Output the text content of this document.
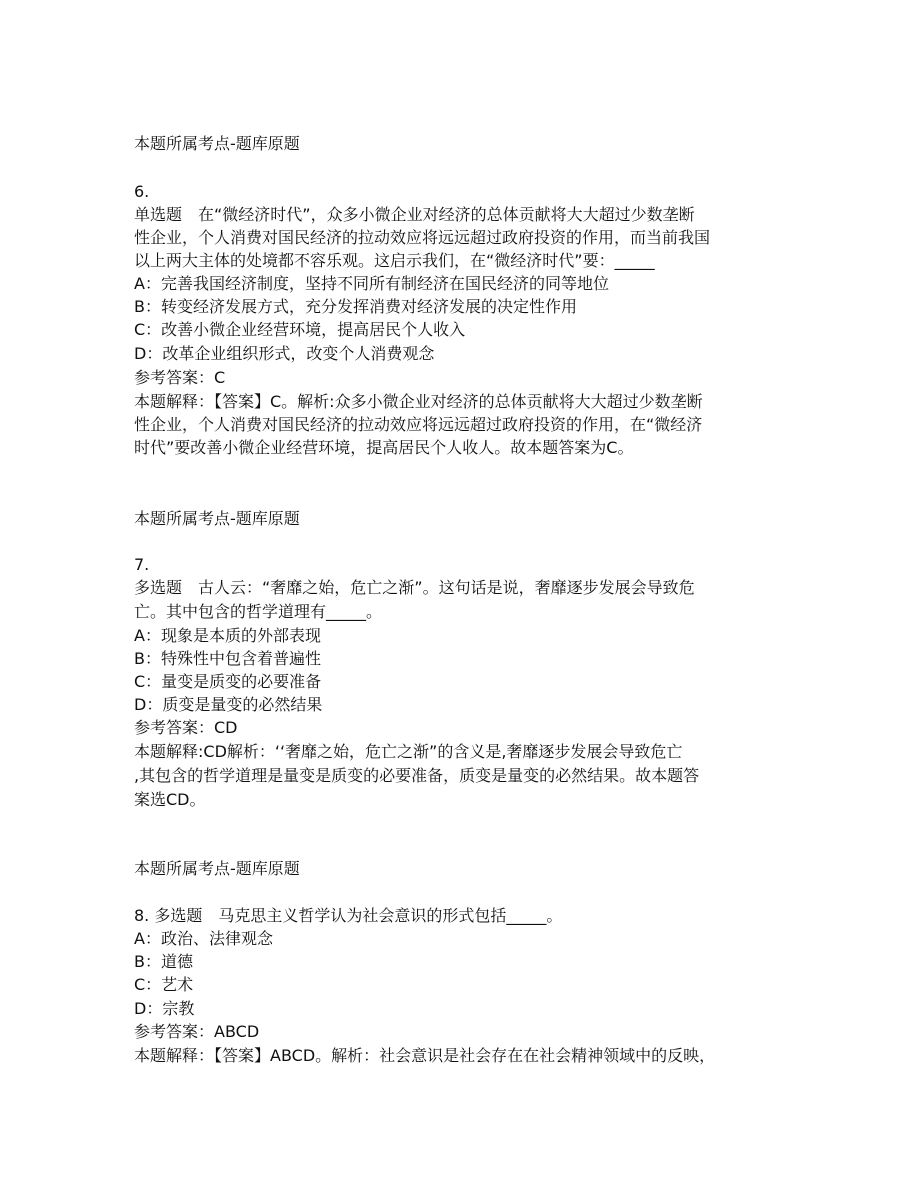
本题所属考点-题库原题
6.
单选题　在“微经济时代”，众多小微企业对经济的总体贡献将大大超过少数垄断
性企业，个人消费对国民经济的拉动效应将远远超过政府投资的作用，而当前我国
以上两大主体的处境都不容乐观。这启示我们，在“微经济时代”要：_____
A：完善我国经济制度，坚持不同所有制经济在国民经济的同等地位
B：转变经济发展方式，充分发挥消费对经济发展的决定性作用
C：改善小微企业经营环境，提高居民个人收入
D：改革企业组织形式，改变个人消费观念
参考答案：C
本题解释：【答案】C。解析:众多小微企业对经济的总体贡献将大大超过少数垄断
性企业，个人消费对国民经济的拉动效应将远远超过政府投资的作用，在“微经济
时代”要改善小微企业经营环境，提高居民个人收人。故本题答案为C。
本题所属考点-题库原题
7.
多选题　古人云：“奢靡之始，危亡之渐”。这句话是说，奢靡逐步发展会导致危
亡。其中包含的哲学道理有_____。
A：现象是本质的外部表现
B：特殊性中包含着普遍性
C：量变是质变的必要准备
D：质变是量变的必然结果
参考答案：CD
本题解释:CD解析：‘‘奢靡之始，危亡之渐”的含义是,奢靡逐步发展会导致危亡
,其包含的哲学道理是量变是质变的必要准备，质变是量变的必然结果。故本题答
案选CD。
本题所属考点-题库原题
8. 多选题　马克思主义哲学认为社会意识的形式包括_____。
A：政治、法律观念
B：道德
C：艺术
D：宗教
参考答案：ABCD
本题解释：【答案】ABCD。解析：社会意识是社会存在在社会精神领域中的反映，
